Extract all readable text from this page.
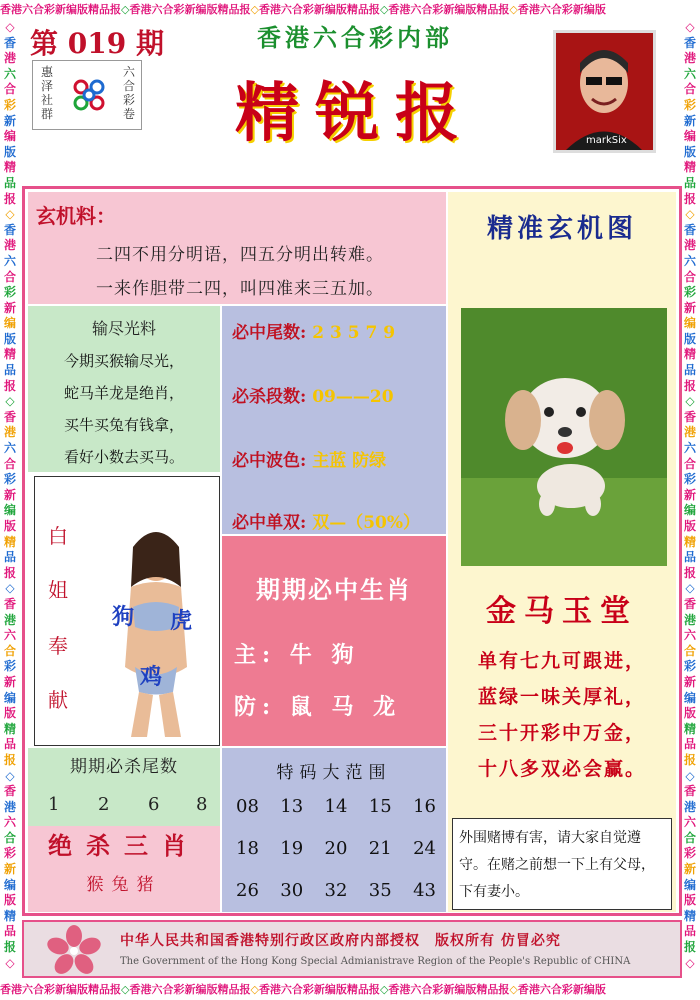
香港六合彩新编版精品报◇香港六合彩新编版精品报◇香港六合彩新编版精品报◇香港六合彩新编版精品报◇香港六合彩新编版
香港六合彩新编版精品报◇香港六合彩新编版精品报◇香港六合彩新编版精品报◇香港六合彩新编版精品报◇香港六合彩新编版
◇
香
港
六
合
彩
新
编
版
精
品
报
◇
香
港
六
合
彩
新
编
版
精
品
报
◇
香
港
六
合
彩
新
编
版
精
品
报
◇
香
港
六
合
彩
新
编
版
精
品
报
◇
香
港
六
合
彩
新
编
版
精
品
报
◇
◇
香
港
六
合
彩
新
编
版
精
品
报
◇
香
港
六
合
彩
新
编
版
精
品
报
◇
香
港
六
合
彩
新
编
版
精
品
报
◇
香
港
六
合
彩
新
编
版
精
品
报
◇
香
港
六
合
彩
新
编
版
精
品
报
◇
第 019 期
惠泽社群
六合彩卷
香港六合彩内部
精锐报	markSix
玄机料：
二四不用分明语，四五分明出转难。
一来作胆带二四，叫四准来三五加。
输尽光料
今期买猴输尽光，
蛇马羊龙是绝肖，
买牛买兔有钱拿，
看好小数去买马。
必中尾数: 2 3 5 7 9
必杀段数: 09——20
必中波色: 主蓝 防绿
必中单双: 双—（50%）
白
姐
奉
献
狗 虎
鸡
期期必中生肖
主: 牛 狗
防: 鼠 马 龙
期期必杀尾数
1 2 6 8
绝杀三肖
猴兔猪
特码大范围
08 13 14 15 16
18 19 20 21 24
26 30 32 35 43
精准玄机图
金马玉堂
单有七九可跟进，
蓝绿一味关厚礼，
三十开彩中万金，
十八多双必会赢。
外围赌博有害，请大家自觉遵守。在赌之前想一下上有父母，下有妻小。
中华人民共和国香港特别行政区政府内部授权　版权所有 仿冒必究
The Government of the Hong Kong Special Admianistrave Region of the People's Republic of CHINA
